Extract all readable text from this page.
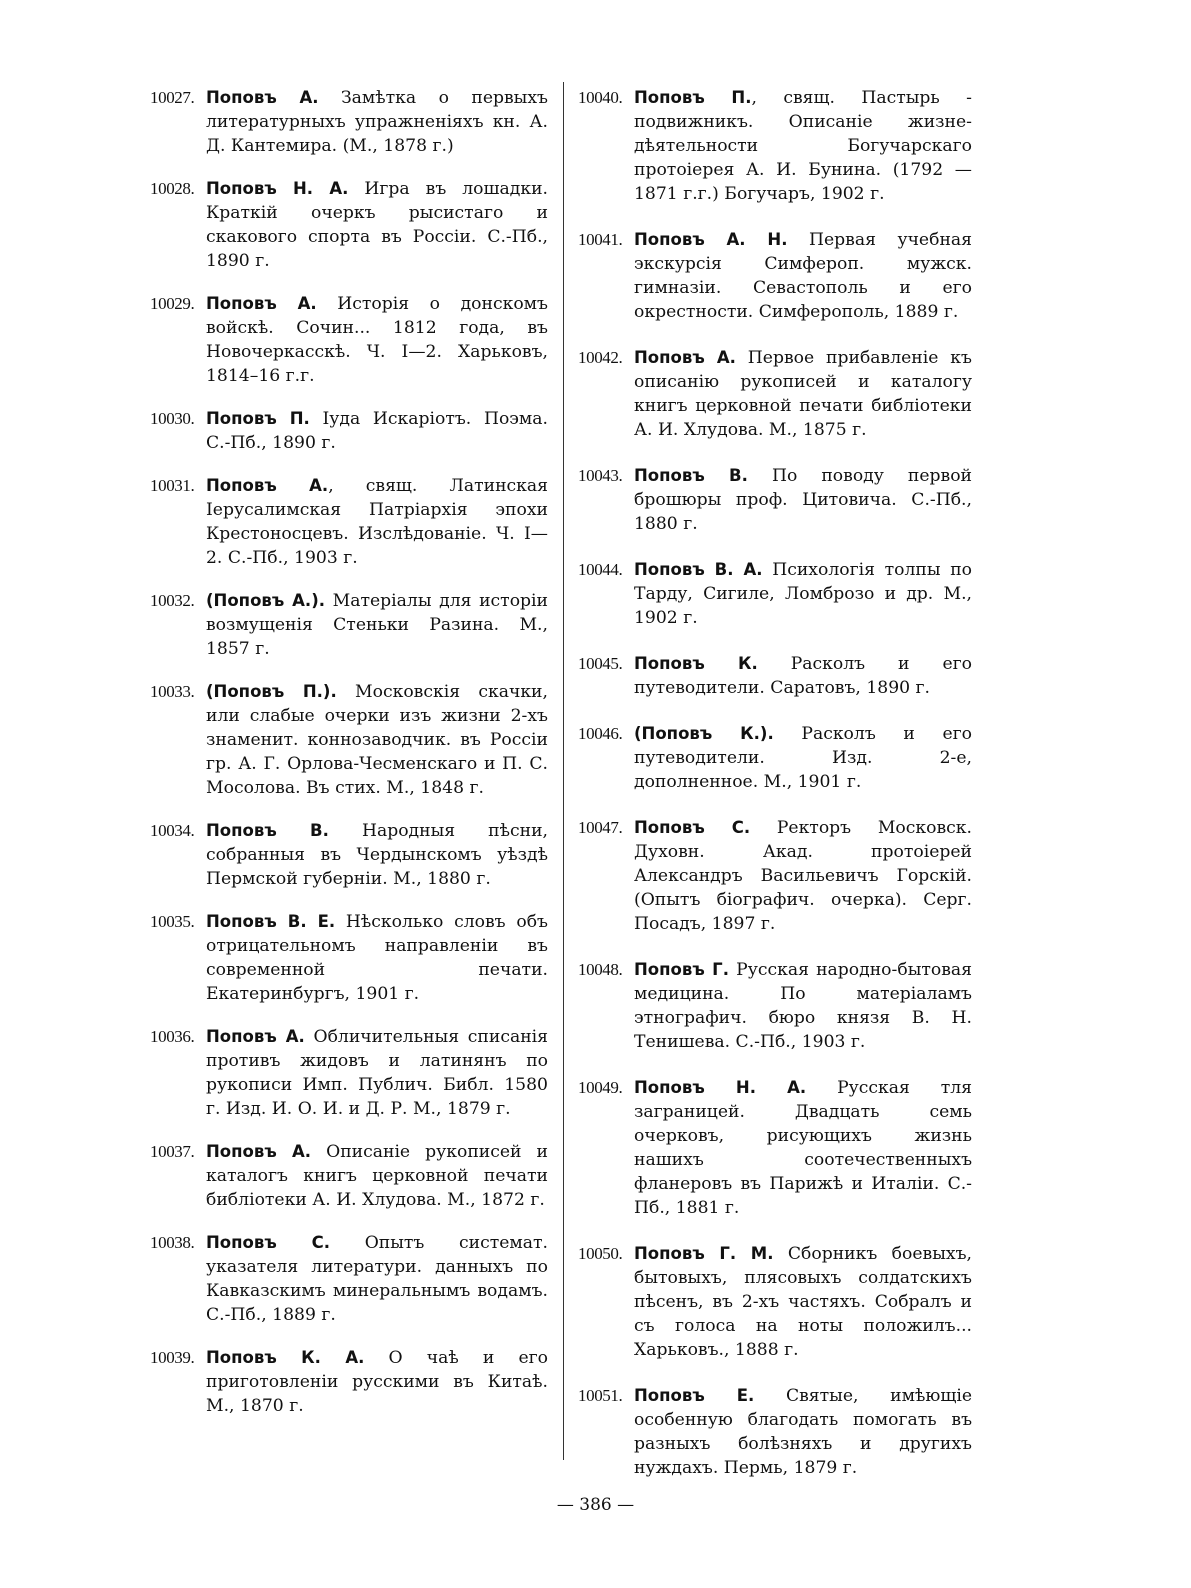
10027. Поповъ А. Замѣтка о первыхъ литературныхъ упражненіяхъ кн. А. Д. Кантемира. (М., 1878 г.)
10028. Поповъ Н. А. Игра въ лошадки. Краткій очеркъ рысистаго и скакового спорта въ Россіи. С.-Пб., 1890 г.
10029. Поповъ А. Исторія о донскомъ войскѣ. Сочин... 1812 года, въ Новочеркасскѣ. Ч. I—2. Харьковъ, 1814–16 г.г.
10030. Поповъ П. Іуда Искаріотъ. Поэма. С.-Пб., 1890 г.
10031. Поповъ А., свящ. Латинская Іерусалимская Патріархія эпохи Крестоносцевъ. Изслѣдованіе. Ч. I—2. С.-Пб., 1903 г.
10032. (Поповъ А.). Матеріалы для исторіи возмущенія Стеньки Разина. М., 1857 г.
10033. (Поповъ П.). Московскія скачки, или слабые очерки изъ жизни 2-хъ знаменит. коннозаводчик. въ Россіи гр. А. Г. Орлова-Чесменскаго и П. С. Мосолова. Въ стих. М., 1848 г.
10034. Поповъ В. Народныя пѣсни, собранныя въ Чердынскомъ уѣздѣ Пермской губерніи. М., 1880 г.
10035. Поповъ В. Е. Нѣсколько словъ объ отрицательномъ направленіи въ современной печати. Екатеринбургъ, 1901 г.
10036. Поповъ А. Обличительныя списанія противъ жидовъ и латинянъ по рукописи Имп. Публич. Библ. 1580 г. Изд. И. О. И. и Д. Р. М., 1879 г.
10037. Поповъ А. Описаніе рукописей и каталогъ книгъ церковной печати библіотеки А. И. Хлудова. М., 1872 г.
10038. Поповъ С. Опытъ системат. указателя литератури. данныхъ по Кавказскимъ минеральнымъ водамъ. С.-Пб., 1889 г.
10039. Поповъ К. А. О чаѣ и его приготовленіи русскими въ Китаѣ. М., 1870 г.
10040. Поповъ П., свящ. Пастырь - подвижникъ. Описаніе жизне-дѣятельности Богучарскаго протоіерея А. И. Бунина. (1792 — 1871 г.г.) Богучаръ, 1902 г.
10041. Поповъ А. Н. Первая учебная экскурсія Симфероп. мужск. гимназіи. Севастополь и его окрестности. Симферополь, 1889 г.
10042. Поповъ А. Первое прибавленіе къ описанію рукописей и каталогу книгъ церковной печати библіотеки А. И. Хлудова. М., 1875 г.
10043. Поповъ В. По поводу первой брошюры проф. Цитовича. С.-Пб., 1880 г.
10044. Поповъ В. А. Психологія толпы по Тарду, Сигиле, Ломброзо и др. М., 1902 г.
10045. Поповъ К. Расколъ и его путеводители. Саратовъ, 1890 г.
10046. (Поповъ К.). Расколъ и его путеводители. Изд. 2-е, дополненное. М., 1901 г.
10047. Поповъ С. Ректоръ Московск. Духовн. Акад. протоіерей Александръ Васильевичъ Горскій. (Опытъ біографич. очерка). Серг. Посадъ, 1897 г.
10048. Поповъ Г. Русская народно-бытовая медицина. По матеріаламъ этнографич. бюро князя В. Н. Тенишева. С.-Пб., 1903 г.
10049. Поповъ Н. А. Русская тля заграницей. Двадцать семь очерковъ, рисующихъ жизнь нашихъ соотечественныхъ фланеровъ въ Парижѣ и Италіи. С.-Пб., 1881 г.
10050. Поповъ Г. М. Сборникъ боевыхъ, бытовыхъ, плясовыхъ солдатскихъ пѣсенъ, въ 2-хъ частяхъ. Собралъ и съ голоса на ноты положилъ... Харьковъ., 1888 г.
10051. Поповъ Е. Святые, имѣющіе особенную благодать помогать въ разныхъ болѣзняхъ и другихъ нуждахъ. Пермь, 1879 г.
— 386 —
